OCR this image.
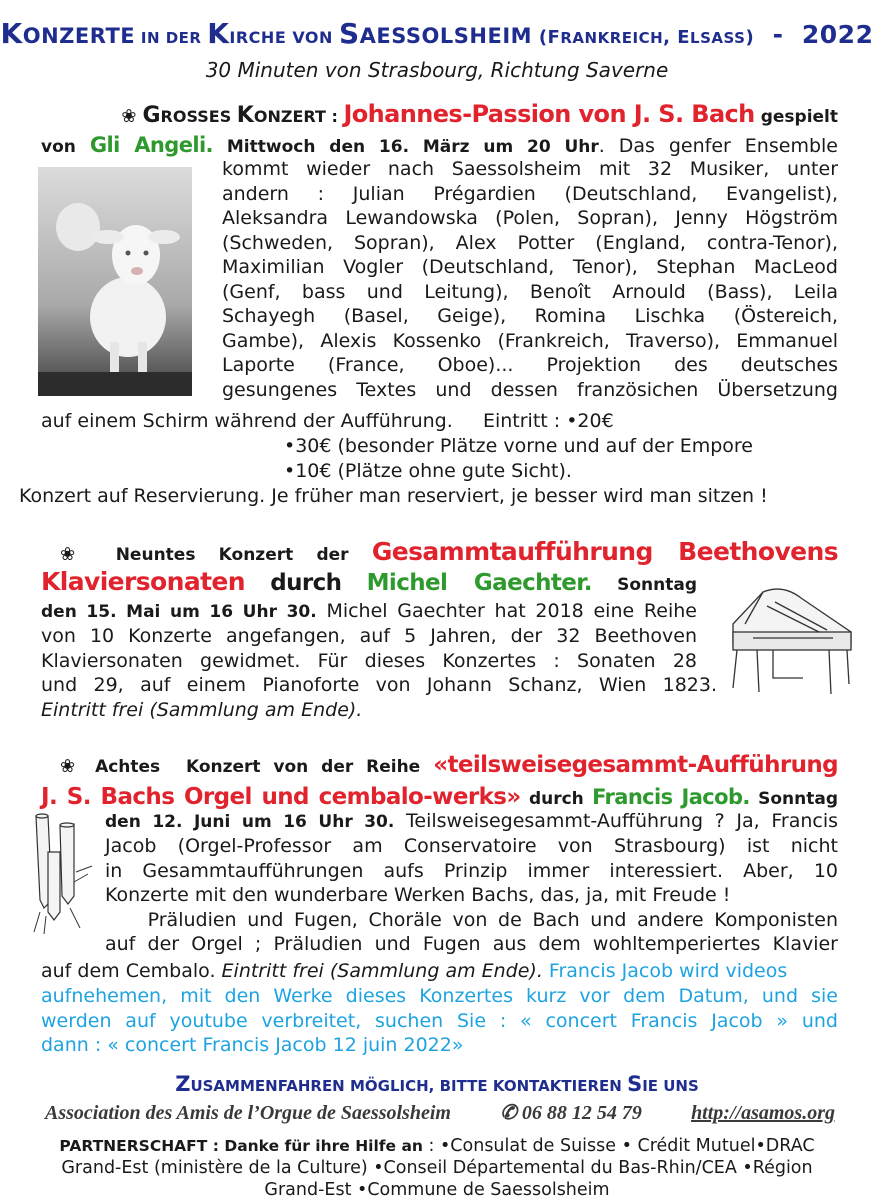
KONZERTE IN DER KIRCHE VON SAESSOLSHEIM (FRANKREICH, ELSASS)  -  2022
30 Minuten von Strasbourg, Richtung Saverne
❀ GROSSES KONZERT : Johannes-Passion von J. S. Bach gespielt
von Gli Angeli. Mittwoch den 16. März um 20 Uhr. Das genfer Ensemble
kommt wieder nach Saessolsheim mit 32 Musiker, unter
andern : Julian Prégardien (Deutschland, Evangelist),
Aleksandra Lewandowska (Polen, Sopran), Jenny Högström
(Schweden, Sopran), Alex Potter (England, contra-Tenor),
Maximilian Vogler (Deutschland, Tenor), Stephan MacLeod
(Genf, bass und Leitung), Benoît Arnould (Bass), Leila
Schayegh (Basel, Geige), Romina Lischka (Östereich,
Gambe), Alexis Kossenko (Frankreich, Traverso), Emmanuel
Laporte (France, Oboe)... Projektion des deutsches
gesungenes Textes und dessen französichen Übersetzung
auf einem Schirm während der Aufführung.     Eintritt : •20€
•30€ (besonder Plätze vorne und auf der Empore
•10€ (Plätze ohne gute Sicht).
Konzert auf Reservierung. Je früher man reserviert, je besser wird man sitzen !
❀ Neuntes Konzert der Gesammtaufführung Beethovens
Klaviersonaten durch Michel Gaechter. Sonntag
den 15. Mai um 16 Uhr 30. Michel Gaechter hat 2018 eine Reihe
von 10 Konzerte angefangen, auf 5 Jahren, der 32 Beethoven
Klaviersonaten gewidmet. Für dieses Konzertes : Sonaten 28
und 29, auf einem Pianoforte von Johann Schanz, Wien 1823.
Eintritt frei (Sammlung am Ende).
❀ Achtes  Konzert von der Reihe «teilsweisegesammt-Aufführung
J. S. Bachs Orgel und cembalo-werks» durch Francis Jacob. Sonntag
den 12. Juni um 16 Uhr 30. Teilsweisegesammt-Aufführung ? Ja, Francis
Jacob (Orgel-Professor am Conservatoire von Strasbourg) ist nicht
in Gesammtaufführungen aufs Prinzip immer interessiert. Aber, 10
Konzerte mit den wunderbare Werken Bachs, das, ja, mit Freude !
Präludien und Fugen, Choräle von de Bach und andere Komponisten
auf der Orgel ; Präludien und Fugen aus dem wohltemperiertes Klavier
auf dem Cembalo. Eintritt frei (Sammlung am Ende). Francis Jacob wird videos
aufnehemen, mit den Werke dieses Konzertes kurz vor dem Datum, und sie
werden auf youtube verbreitet, suchen Sie : « concert Francis Jacob » und
dann : « concert Francis Jacob 12 juin 2022»
ZUSAMMENFAHREN MÖGLICH, BITTE KONTAKTIEREN SIE UNS
Association des Amis de l’Orgue de Saessolsheim ✆ 06 88 12 54 79 http://asamos.org
PARTNERSCHAFT : Danke für ihre Hilfe an : •Consulat de Suisse • Crédit Mutuel•DRAC Grand-Est (ministère de la Culture) •Conseil Départemental du Bas-Rhin/CEA •Région Grand-Est •Commune de Saessolsheim
